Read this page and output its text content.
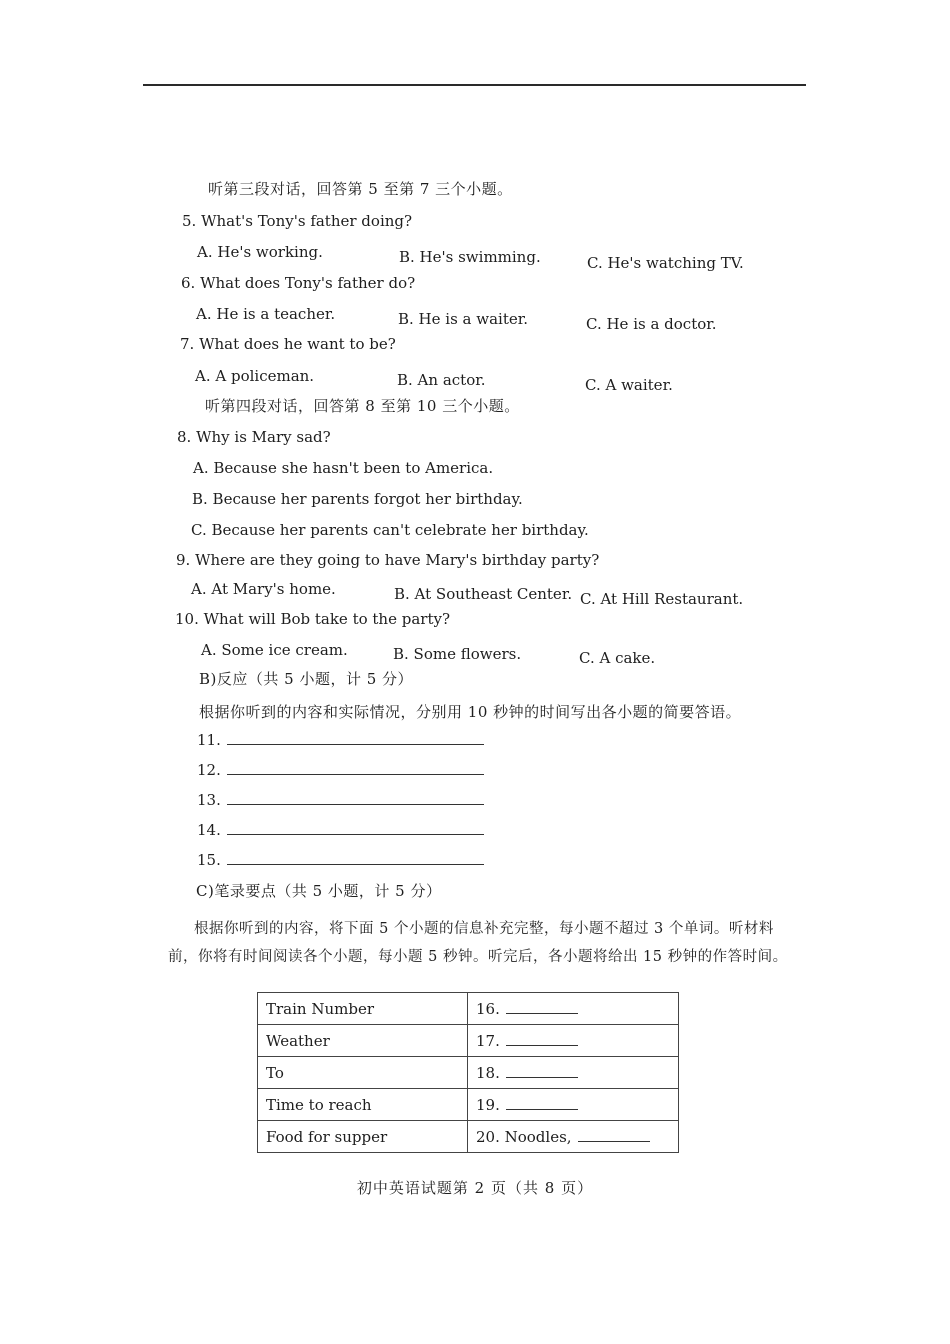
听第三段对话，回答第 5 至第 7 三个小题。
5. What's Tony's father doing?
A. He's working.	B. He's swimming.	C. He's watching TV.
6. What does Tony's father do?
A. He is a teacher.	B. He is a waiter.	C. He is a doctor.
7. What does he want to be?
A. A policeman.	B. An actor.	C. A waiter.
听第四段对话，回答第 8 至第 10 三个小题。
8. Why is Mary sad?
A. Because she hasn't been to America.
B. Because her parents forgot her birthday.
C. Because her parents can't celebrate her birthday.
9. Where are they going to have Mary's birthday party?
A. At Mary's home.	B. At Southeast Center. C. At Hill Restaurant.
10. What will Bob take to the party?
A. Some ice cream.	B. Some flowers.	C. A cake.
B)反应（共 5 小题，计 5 分）
根据你听到的内容和实际情况，分别用 10 秒钟的时间写出各小题的简要答语。
11.
12.
13.
14.
15.
C)笔录要点（共 5 小题，计 5 分）
根据你听到的内容，将下面 5 个小题的信息补充完整，每小题不超过 3 个单词。听材料
前，你将有时间阅读各个小题，每小题 5 秒钟。听完后，各小题将给出 15 秒钟的作答时间。
Train Number	16.
Weather	17.
To	18.
Time to reach	19.
Food for supper	20. Noodles,
初中英语试题第 2 页（共 8 页）
